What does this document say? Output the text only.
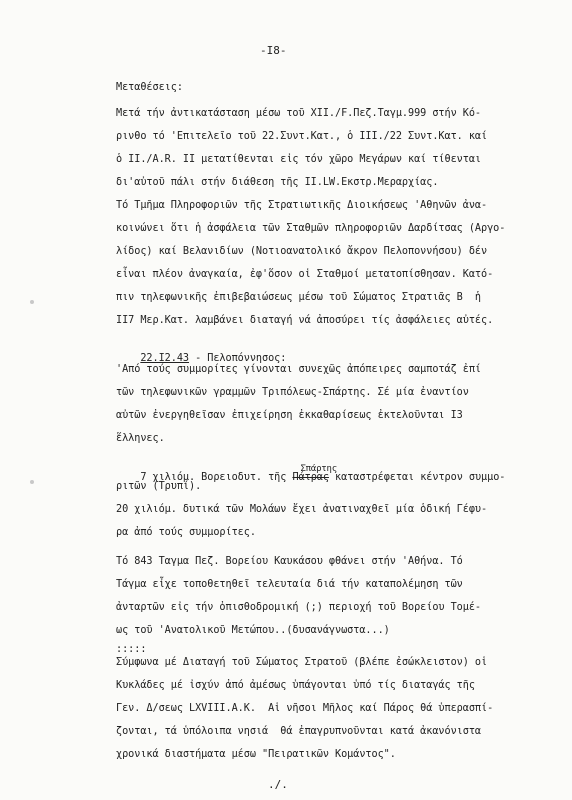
-I8-
Μεταθέσεις:
Μετά τήν ἀντικατάσταση μέσω τοῦ XII./F.Πεζ.Ταγμ.999 στήν Κό-
ρινθο τό 'Επιτελεῖο τοῦ 22.Συντ.Κατ., ὁ III./22 Συντ.Κατ. καί
ὁ II./A.R. II μετατίθενται εἰς τόν χῶρο Μεγάρων καί τίθενται
δι'αὐτοῦ πάλι στήν διάθεση τῆς II.LW.Εκστρ.Μεραρχίας.
Τό Τμῆμα Πληροφοριῶν τῆς Στρατιωτικῆς Διοικήσεως 'Αθηνῶν ἀνα-
κοινώνει ὅτι ἡ ἀσφάλεια τῶν Σταθμῶν πληροφοριῶν Δαρδίτσας (Αργο-
λίδος) καί Βελανιδίων (Νοτιοανατολικό ἄκρον Πελοποννήσου) δέν
εἶναι πλέον ἀναγκαία, ἐφ'ὅσον οἱ Σταθμοί μετατοπίσθησαν. Κατό-
πιν τηλεφωνικῆς ἐπιβεβαιώσεως μέσω τοῦ Σώματος Στρατιᾶς Β  ἡ
II7 Μερ.Κατ. λαμβάνει διαταγή νά ἀποσύρει τίς ἀσφάλειες αὐτές.

22.I2.43 - Πελοπόννησος:

'Από τούς συμμορίτες γίνονται συνεχῶς ἀπόπειρες σαμποτάζ ἐπί
τῶν τηλεφωνικῶν γραμμῶν Τριπόλεως-Σπάρτης. Σέ μία ἐναντίον
αὐτῶν ἐνεργηθεῖσαν ἐπιχείρηση ἐκκαθαρίσεως ἐκτελοῦνται I3
ἕλληνες.

7 χιλιόμ. Βορειοδυτ. τῆς Πάτρας
Σπάρτης
καταστρέφεται κέντρον συμμο-

ριτῶν (Τρυπί).
20 χιλιόμ. δυτικά τῶν Μολάων ἔχει ἀνατιναχθεῖ μία ὁδική Γέφυ-
ρα ἀπό τούς συμμορίτες.
Τό 843 Ταγμα Πεζ. Βορείου Καυκάσου φθάνει στήν 'Αθήνα. Τό
Τάγμα εἶχε τοποθετηθεῖ τελευταία διά τήν καταπολέμηση τῶν
ἀνταρτῶν εἰς τήν ὀπισθοδρομική (;) περιοχή τοῦ Βορείου Τομέ-
ως τοῦ 'Ανατολικοῦ Μετώπου..(δυσανάγνωστα...)
:::::
Σύμφωνα μέ Διαταγή τοῦ Σώματος Στρατοῦ (βλέπε ἐσώκλειστον) οἱ
Κυκλάδες μέ ἰσχύν ἀπό ἀμέσως ὑπάγονται ὑπό τίς διαταγάς τῆς
Γεν. Δ/σεως LXVIII.A.K.  Αἱ νῆσοι Μῆλος καί Πάρος θά ὑπερασπί-
ζονται, τά ὑπόλοιπα νησιά  θά ἐπαγρυπνοῦνται κατά ἀκανόνιστα
χρονικά διαστήματα μέσω "Πειρατικῶν Κομάντος".
.∕.
